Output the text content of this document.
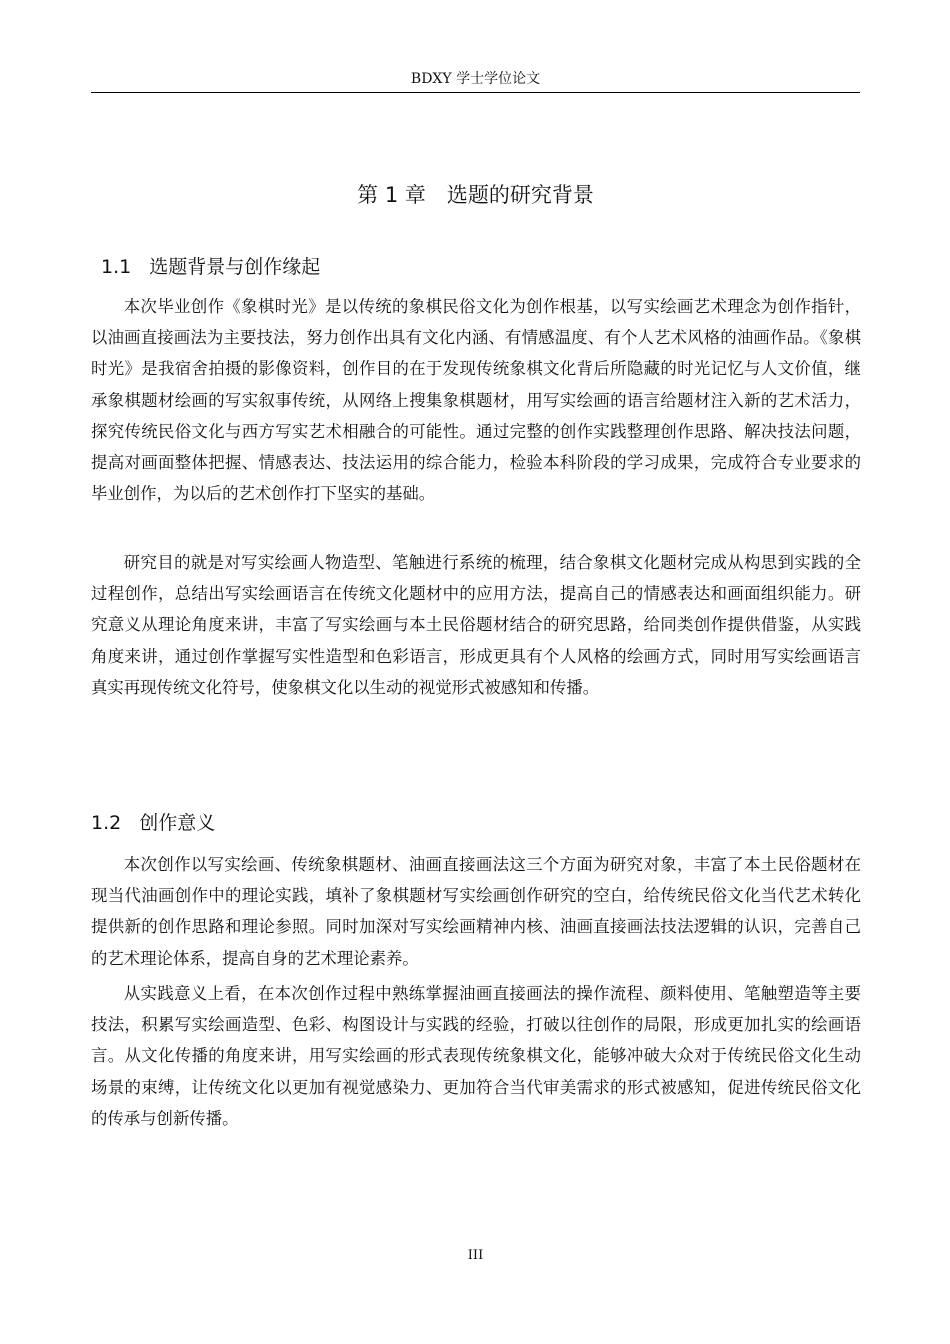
BDXY 学士学位论文
第 1 章　选题的研究背景
1.1 选题背景与创作缘起

本次毕业创作《象棋时光》是以传统的象棋民俗文化为创作根基，以写实绘画艺术理念为创作指针，以油画直接画法为主要技法，努力创作出具有文化内涵、有情感温度、有个人艺术风格的油画作品。《象棋时光》是我宿舍拍摄的影像资料，创作目的在于发现传统象棋文化背后所隐藏的时光记忆与人文价值，继承象棋题材绘画的写实叙事传统，从网络上搜集象棋题材，用写实绘画的语言给题材注入新的艺术活力，探究传统民俗文化与西方写实艺术相融合的可能性。通过完整的创作实践整理创作思路、解决技法问题，提高对画面整体把握、情感表达、技法运用的综合能力，检验本科阶段的学习成果，完成符合专业要求的毕业创作，为以后的艺术创作打下坚实的基础。

研究目的就是对写实绘画人物造型、笔触进行系统的梳理，结合象棋文化题材完成从构思到实践的全过程创作，总结出写实绘画语言在传统文化题材中的应用方法，提高自己的情感表达和画面组织能力。研究意义从理论角度来讲，丰富了写实绘画与本土民俗题材结合的研究思路，给同类创作提供借鉴，从实践角度来讲，通过创作掌握写实性造型和色彩语言，形成更具有个人风格的绘画方式，同时用写实绘画语言真实再现传统文化符号，使象棋文化以生动的视觉形式被感知和传播。

1.2 创作意义

本次创作以写实绘画、传统象棋题材、油画直接画法这三个方面为研究对象，丰富了本土民俗题材在现当代油画创作中的理论实践，填补了象棋题材写实绘画创作研究的空白，给传统民俗文化当代艺术转化提供新的创作思路和理论参照。同时加深对写实绘画精神内核、油画直接画法技法逻辑的认识，完善自己的艺术理论体系，提高自身的艺术理论素养。

从实践意义上看，在本次创作过程中熟练掌握油画直接画法的操作流程、颜料使用、笔触塑造等主要技法，积累写实绘画造型、色彩、构图设计与实践的经验，打破以往创作的局限，形成更加扎实的绘画语言。从文化传播的角度来讲，用写实绘画的形式表现传统象棋文化，能够冲破大众对于传统民俗文化生动场景的束缚，让传统文化以更加有视觉感染力、更加符合当代审美需求的形式被感知，促进传统民俗文化的传承与创新传播。

III
